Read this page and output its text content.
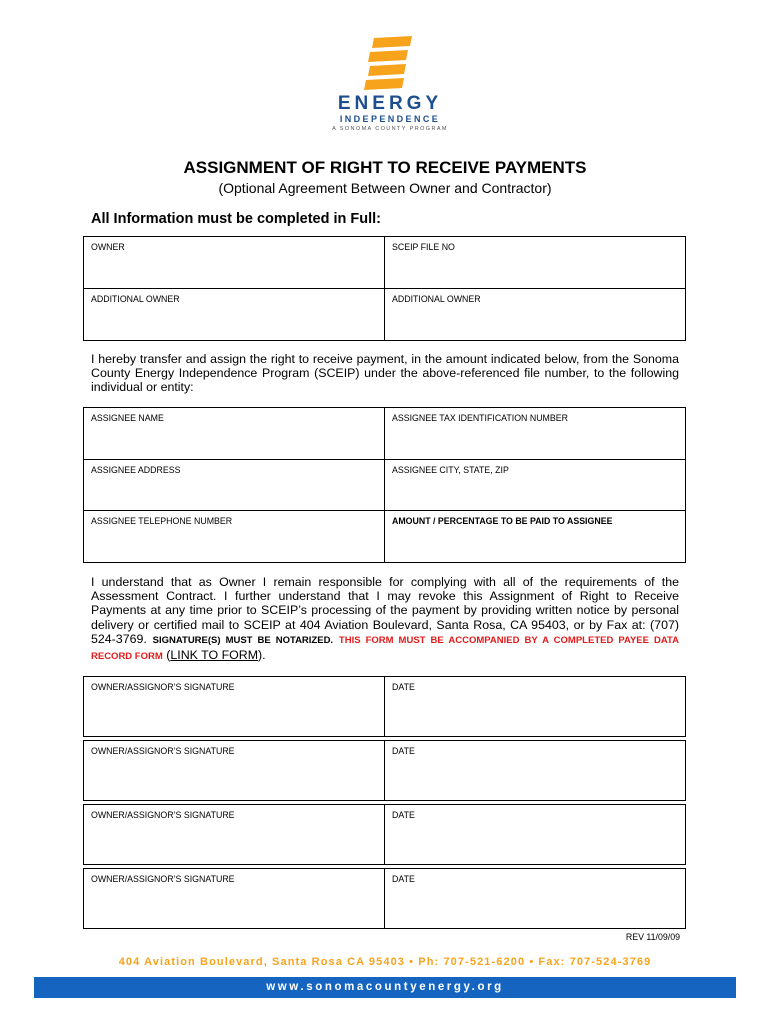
ENERGY
INDEPENDENCE
A SONOMA COUNTY PROGRAM
ASSIGNMENT OF RIGHT TO RECEIVE PAYMENTS
(Optional Agreement Between Owner and Contractor)
All Information must be completed in Full:
OWNER	SCEIP FILE NO
ADDITIONAL OWNER	ADDITIONAL OWNER
I hereby transfer and assign the right to receive payment, in the amount indicated below, from the Sonoma County Energy Independence Program (SCEIP) under the above-referenced file number, to the following individual or entity:
ASSIGNEE NAME	ASSIGNEE TAX IDENTIFICATION NUMBER
ASSIGNEE ADDRESS	ASSIGNEE CITY, STATE, ZIP
ASSIGNEE TELEPHONE NUMBER	AMOUNT / PERCENTAGE TO BE PAID TO ASSIGNEE
I understand that as Owner I remain responsible for complying with all of the requirements of the Assessment Contract. I further understand that I may revoke this Assignment of Right to Receive Payments at any time prior to SCEIP’s processing of the payment by providing written notice by personal delivery or certified mail to SCEIP at 404 Aviation Boulevard, Santa Rosa, CA 95403, or by Fax at: (707) 524-3769. SIGNATURE(S) MUST BE NOTARIZED. THIS FORM MUST BE ACCOMPANIED BY A COMPLETED PAYEE DATA RECORD FORM (LINK TO FORM).
OWNER/ASSIGNOR’S SIGNATURE	DATE
OWNER/ASSIGNOR’S SIGNATURE	DATE
OWNER/ASSIGNOR’S SIGNATURE	DATE
OWNER/ASSIGNOR’S SIGNATURE	DATE
REV 11/09/09
404 Aviation Boulevard, Santa Rosa CA 95403 • Ph: 707-521-6200 • Fax: 707-524-3769
www.sonomacountyenergy.org
